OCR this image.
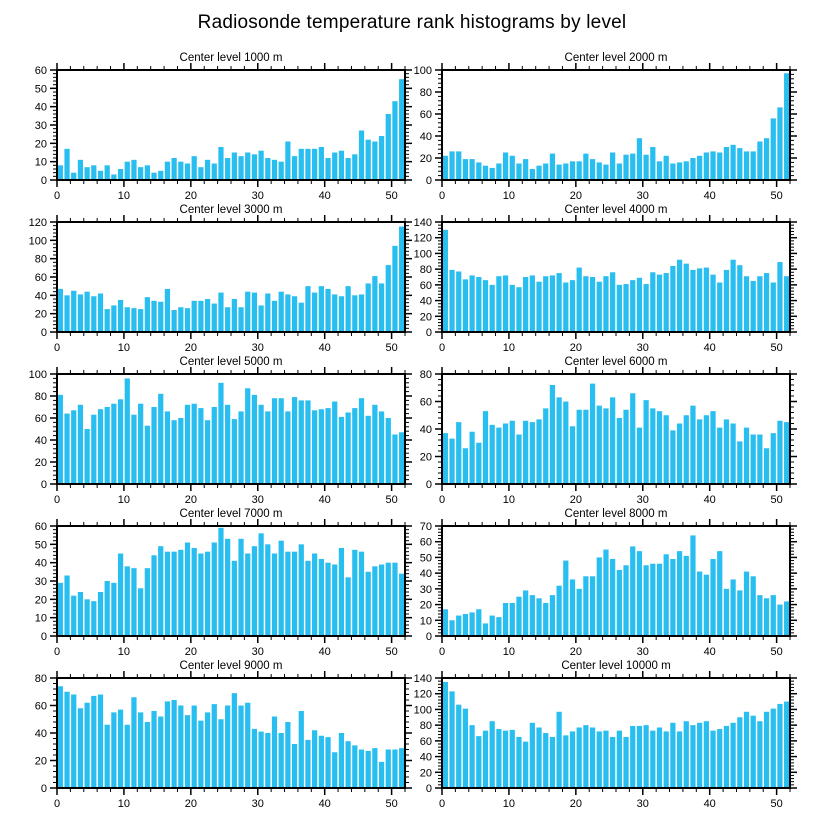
Radiosonde temperature rank histograms by level
Center level 1000 m
0
10
20
30
40
50
60
0	10	20	30	40	50
Center level 2000 m
0
20
40
60
80
100
0	10	20	30	40	50
Center level 3000 m
0
20
40
60
80
100
120
0	10	20	30	40	50
Center level 4000 m
0
20
40
60
80
100
120
140
0	10	20	30	40	50
Center level 5000 m
0
20
40
60
80
100
0	10	20	30	40	50
Center level 6000 m
0
20
40
60
80
0	10	20	30	40	50
Center level 7000 m
0
10
20
30
40
50
60
0	10	20	30	40	50
Center level 8000 m
0
10
20
30
40
50
60
70
0	10	20	30	40	50
Center level 9000 m
0
20
40
60
80
0	10	20	30	40	50
Center level 10000 m
0
20
40
60
80
100
120
140
0	10	20	30	40	50
